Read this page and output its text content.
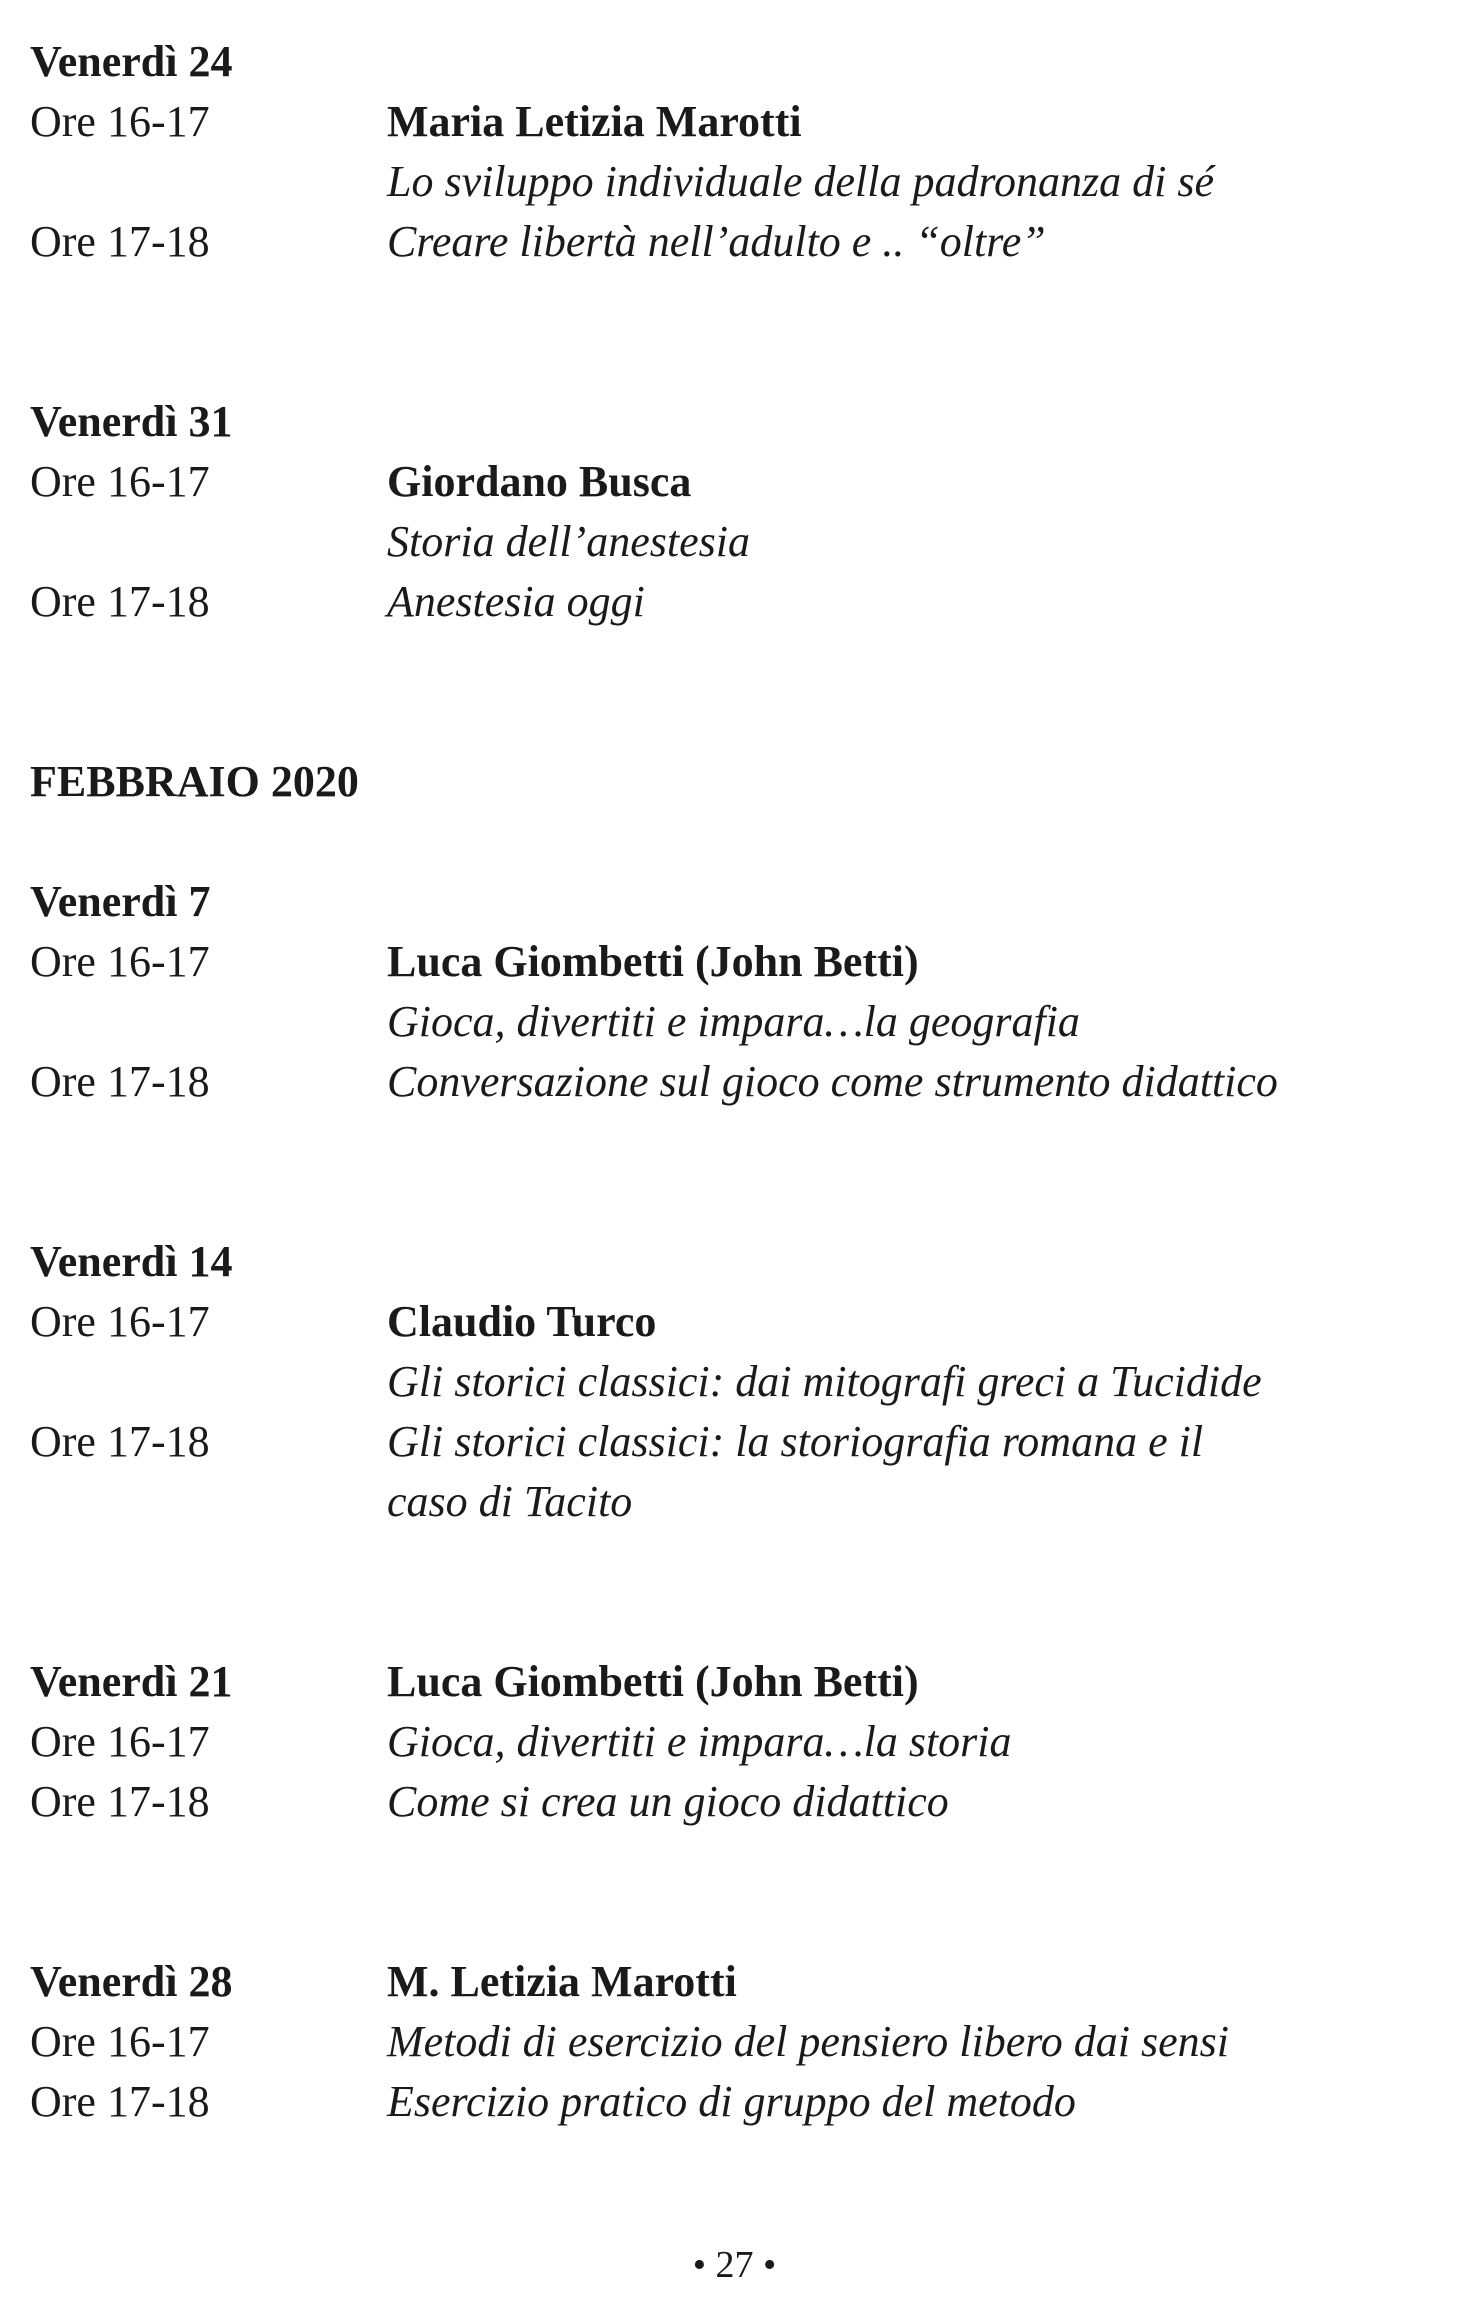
Venerdì 24
Ore 16-17	Maria Letizia Marotti
Lo sviluppo individuale della padronanza di sé
Ore 17-18	Creare libertà nell’adulto e .. “oltre”
Venerdì 31
Ore 16-17	Giordano Busca
Storia dell’anestesia
Ore 17-18	Anestesia oggi
FEBBRAIO 2020
Venerdì 7
Ore 16-17	Luca Giombetti (John Betti)
Gioca, divertiti e impara…la geografia
Ore 17-18	Conversazione sul gioco come strumento didattico
Venerdì 14
Ore 16-17	Claudio Turco
Gli storici classici: dai mitografi greci a Tucidide
Ore 17-18	Gli storici classici: la storiografia romana e il
caso di Tacito
Venerdì 21	Luca Giombetti (John Betti)
Ore 16-17	Gioca, divertiti e impara…la storia
Ore 17-18	Come si crea un gioco didattico
Venerdì 28	M. Letizia Marotti
Ore 16-17	Metodi di esercizio del pensiero libero dai sensi
Ore 17-18	Esercizio pratico di gruppo del metodo
• 27 •
